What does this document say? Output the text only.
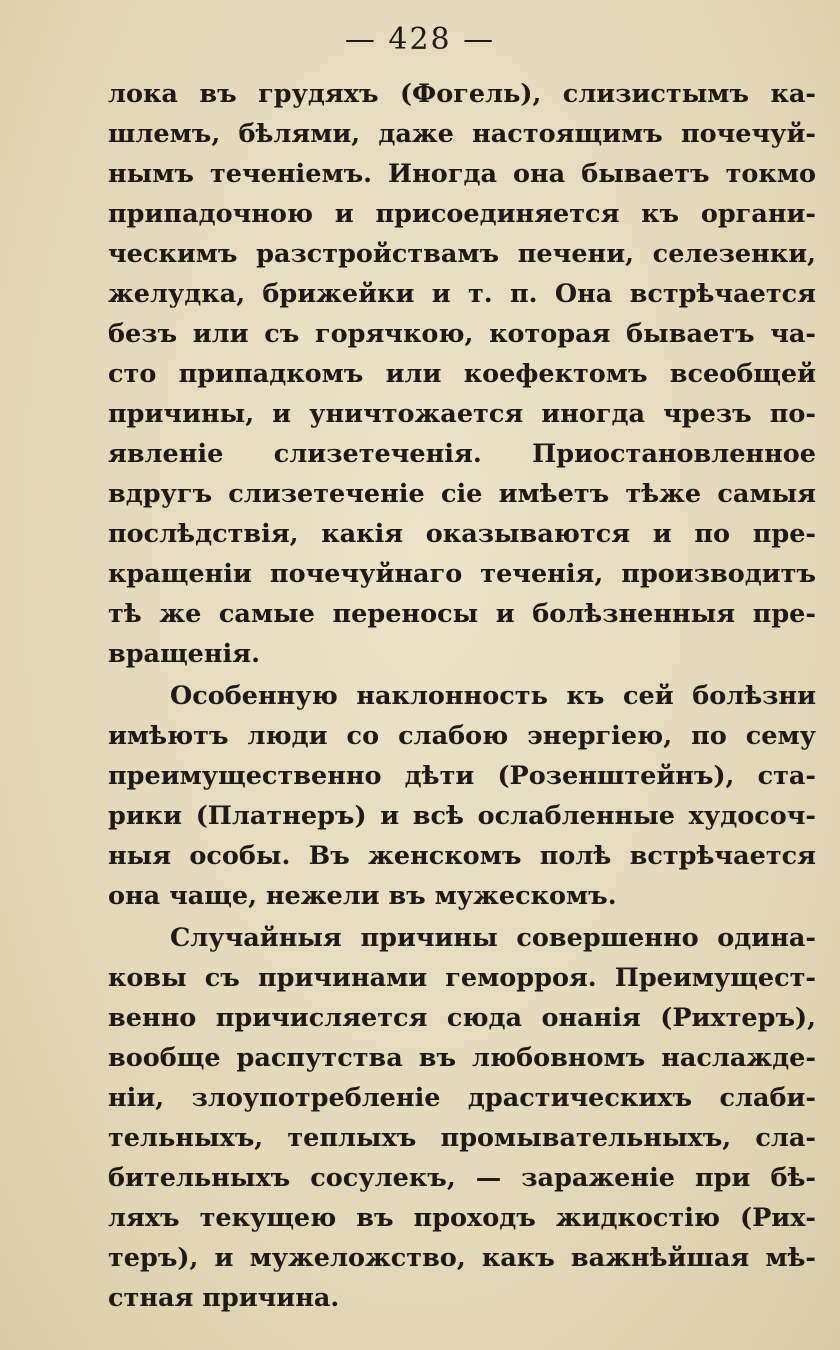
— 428 —
лока въ грудяхъ (Фогель), слизистымъ ка-
шлемъ, бѣлями, даже настоящимъ почечуй-
нымъ теченіемъ. Иногда она бываетъ токмо
припадочною и присоединяется къ органи-
ческимъ разстройствамъ печени, селезенки,
желудка, брижейки и т. п. Она встрѣчается
безъ или съ горячкою, которая бываетъ ча-
сто припадкомъ или коефектомъ всеобщей
причины, и уничтожается иногда чрезъ по-
явленіе слизетеченія. Приостановленное
вдругъ слизетеченіе сіе имѣетъ тѣже самыя
послѣдствія, какія оказываются и по пре-
кращеніи почечуйнаго теченія, производитъ
тѣ же самые переносы и болѣзненныя пре-
вращенія.
Особенную наклонность къ сей болѣзни
имѣютъ люди со слабою энергіею, по сему
преимущественно дѣти (Розенштейнъ), ста-
рики (Платнеръ) и всѣ ослабленные худосоч-
ныя особы. Въ женскомъ полѣ встрѣчается
она чаще, нежели въ мужескомъ.
Случайныя причины совершенно одина-
ковы съ причинами геморроя. Преимущест-
венно причисляется сюда онанія (Рихтеръ),
вообще распутства въ любовномъ наслажде-
ніи, злоупотребленіе драстическихъ слаби-
тельныхъ, теплыхъ промывательныхъ, сла-
бительныхъ сосулекъ, — зараженіе при бѣ-
ляхъ текущею въ проходъ жидкостію (Рих-
теръ), и мужеложство, какъ важнѣйшая мѣ-
стная причина.
